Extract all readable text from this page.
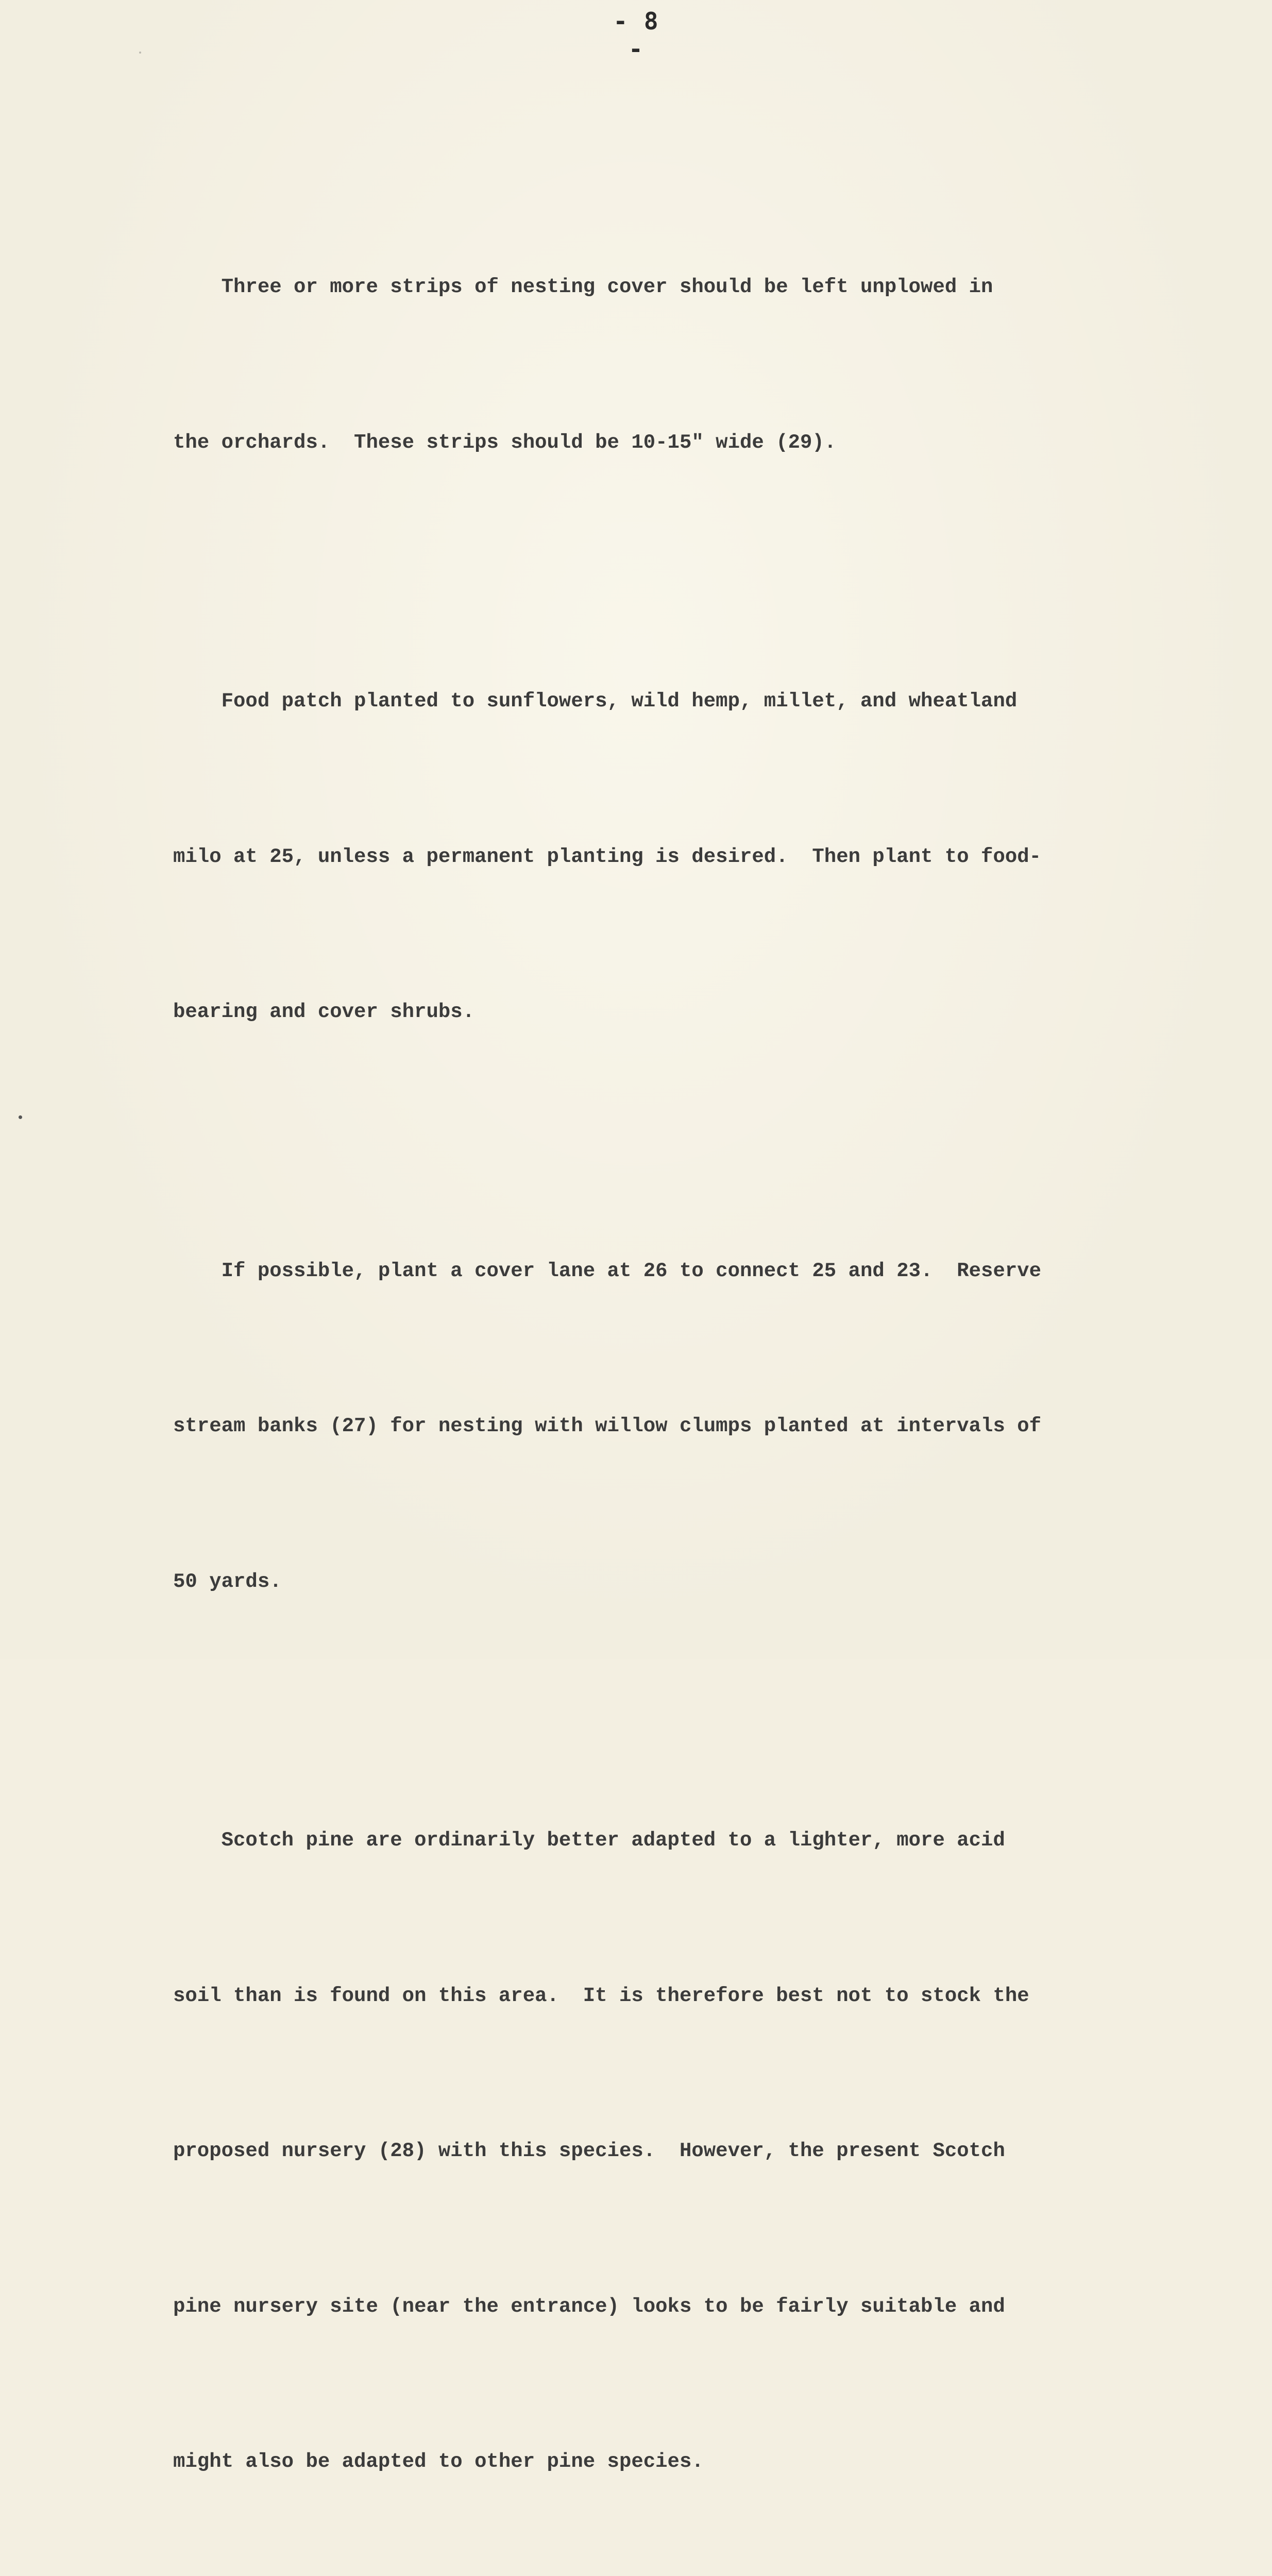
- 8 -

Three or more strips of nesting cover should be left unplowed in

the orchards.  These strips should be 10-15" wide (29).

Food patch planted to sunflowers, wild hemp, millet, and wheatland

milo at 25, unless a permanent planting is desired.  Then plant to food-

bearing and cover shrubs.

If possible, plant a cover lane at 26 to connect 25 and 23.  Reserve

stream banks (27) for nesting with willow clumps planted at intervals of

50 yards.

Scotch pine are ordinarily better adapted to a lighter, more acid

soil than is found on this area.  It is therefore best not to stock the

proposed nursery (28) with this species.  However, the present Scotch

pine nursery site (near the entrance) looks to be fairly suitable and

might also be adapted to other pine species.
